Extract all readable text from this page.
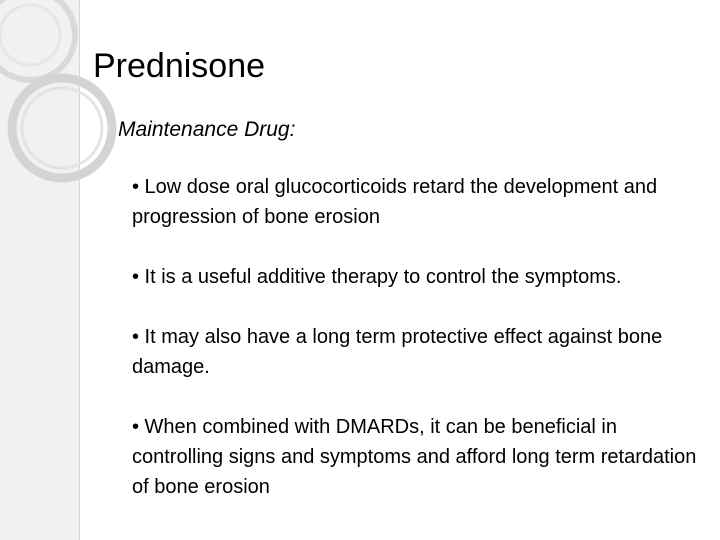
Prednisone
Maintenance Drug:

• Low dose oral glucocorticoids retard the development and progression of bone erosion

• It is a useful additive therapy to control the symptoms.

• It may also have a long term protective effect against bone damage.

• When combined with DMARDs, it can be beneficial in controlling signs and symptoms and afford long term retardation of bone erosion
